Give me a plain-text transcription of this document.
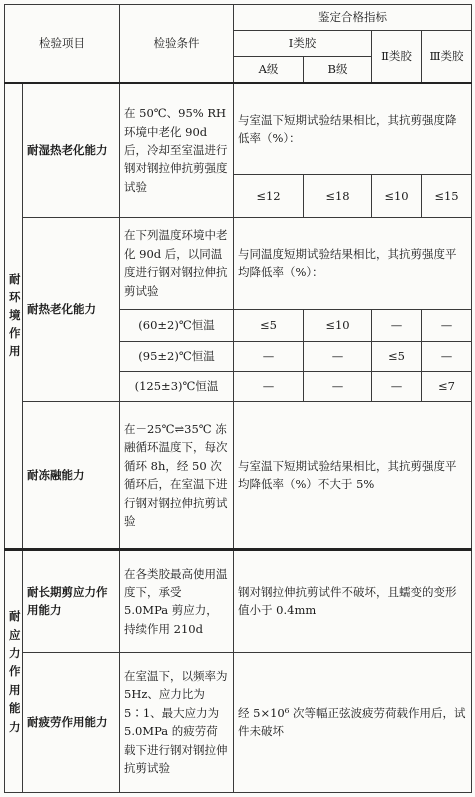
检验项目		检验条件	鉴定合格指标			
			Ⅰ类胶		Ⅱ类胶	Ⅲ类胶
			A级	B级		

耐
环
境
作
用	耐湿热老化能力	在 50℃、95% RH 环境中老化 90d 后，冷却至室温进行钢对钢拉伸抗剪强度试验	与室温下短期试验结果相比，其抗剪强度降低率（%）：			
			≤12	≤18	≤10	≤15
	耐热老化能力	在下列温度环境中老化 90d 后，以同温度进行钢对钢拉伸抗剪试验	与同温度短期试验结果相比，其抗剪强度平均降低率（%）：			
		(60±2)℃恒温	≤5	≤10	—	—
		(95±2)℃恒温	—	—	≤5	—
		(125±3)℃恒温	—	—	—	≤7
	耐冻融能力	在－25℃⇌35℃ 冻融循环温度下，每次循环 8h，经 50 次循环后，在室温下进行钢对钢拉伸抗剪试验	与室温下短期试验结果相比，其抗剪强度平均降低率（%）不大于 5%			
耐应力作用能力	耐长期剪应力作用能力	在各类胶最高使用温度下，承受 5.0MPa 剪应力，持续作用 210d	钢对钢拉伸抗剪试件不破坏，且蠕变的变形值小于 0.4mm			
	耐疲劳作用能力	在室温下，以频率为 5Hz、应力比为 5∶1、最大应力为 5.0MPa 的疲劳荷载下进行钢对钢拉伸抗剪试验	经 5×10⁶ 次等幅正弦波疲劳荷载作用后，试件未破坏			
